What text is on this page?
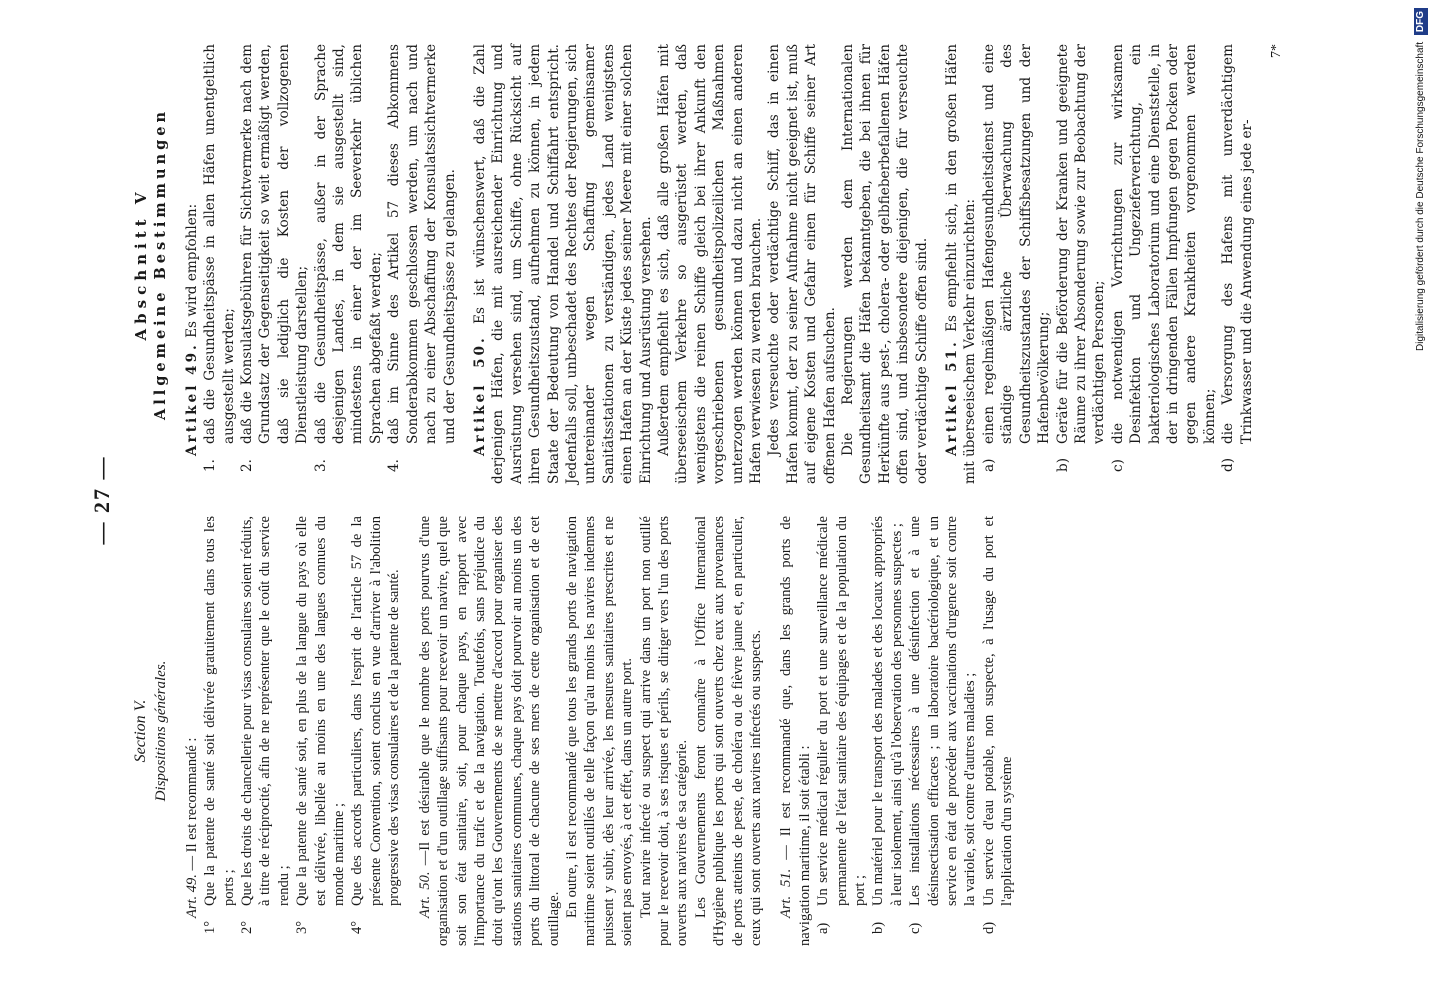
— 27 —

Section V. Dispositions générales.

Art. 49. — Il est recommandé :

1°
Que la patente de santé soit délivrée gratuitement dans tous les ports ;
2°
Que les droits de chancellerie pour visas consulaires soient réduits, à titre de réciprocité, afin de ne représenter que le coût du service rendu ;
3°
Que la patente de santé soit, en plus de la langue du pays où elle est délivrée, libellée au moins en une des langues connues du monde maritime ;
4°
Que des accords particuliers, dans l'esprit de l'article 57 de la présente Convention, soient conclus en vue d'arriver à l'abolition progressive des visas consulaires et de la patente de santé. Art. 50. —Il est désirable que le nombre des ports pourvus d'une organisation et d'un outillage suffisants pour recevoir un navire, quel que soit son état sanitaire, soit, pour chaque pays, en rapport avec l'importance du trafic et de la navigation. Toutefois, sans préjudice du droit qu'ont les Gouvernements de se mettre d'accord pour organiser des stations sanitaires communes, chaque pays doit pourvoir au moins un des ports du littoral de chacune de ses mers de cette organisation et de cet outillage.

En outre, il est recommandé que tous les grands ports de navigation maritime soient outillés de telle façon qu'au moins les navires indemnes puissent y subir, dès leur arrivée, les mesures sanitaires prescrites et ne soient pas envoyés, à cet effet, dans un autre port. Tout navire infecté ou suspect qui arrive dans un port non outillé pour le recevoir doit, à ses risques et périls, se diriger vers l'un des ports ouverts aux navires de sa catégorie. Les Gouvernements feront connaître à l'Office International d'Hygiène publique les ports qui sont ouverts chez eux aux provenances de ports atteints de peste, de choléra ou de fièvre jaune et, en particulier, ceux qui sont ouverts aux navires infectés ou suspects. Art. 51. — Il est recommandé que, dans les grands ports de navigation maritime, il soit établi : a)
Un service médical régulier du port et une surveillance médicale permanente de l'état sanitaire des équipages et de la population du port ;
b)
Un matériel pour le transport des malades et des locaux appropriés à leur isolement, ainsi qu'à l'observation des personnes suspectes ;
c)
Les installations nécessaires à une désinfection et à une désinsectisation efficaces ; un laboratoire bactériologique, et un service en état de procéder aux vaccinations d'urgence soit contre la variole, soit contre d'autres maladies ;
d)
Un service d'eau potable, non suspecte, à l'usage du port et l'application d'un système

Abschnitt V Allgemeine Bestimmungen Artikel 49. Es wird empfohlen:

1.
daß die Gesundheitspässe in allen Häfen unentgeltlich ausgestellt werden;
2.
daß die Konsulatsgebühren für Sichtvermerke nach dem Grundsatz der Gegenseitigkeit so weit ermäßigt werden, daß sie lediglich die Kosten der vollzogenen Dienstleistung darstellen;
3.
daß die Gesundheitspässe, außer in der Sprache desjenigen Landes, in dem sie ausgestellt sind, mindestens in einer der im Seeverkehr üblichen Sprachen abgefaßt werden;
4.
daß im Sinne des Artikel 57 dieses Abkommens Sonderabkommen geschlossen werden, um nach und nach zu einer Abschaffung der Konsulatssichtvermerke und der Gesundheitspässe zu gelangen. Artikel 50. Es ist wünschenswert, daß die Zahl derjenigen Häfen, die mit ausreichender Einrichtung und Ausrüstung versehen sind, um Schiffe, ohne Rücksicht auf ihren Gesundheitszustand, aufnehmen zu können, in jedem Staate der Bedeutung von Handel und Schiffahrt entspricht. Jedenfalls soll, unbeschadet des Rechtes der Regierungen, sich untereinander wegen Schaffung gemeinsamer Sanitätsstationen zu verständigen, jedes Land wenigstens einen Hafen an der Küste jedes seiner Meere mit einer solchen Einrichtung und Ausrüstung versehen. Außerdem empfiehlt es sich, daß alle großen Häfen mit überseeischem Verkehre so ausgerüstet werden, daß wenigstens die reinen Schiffe gleich bei ihrer Ankunft den vorgeschriebenen gesundheitspolizeilichen Maßnahmen unterzogen werden können und dazu nicht an einen anderen Hafen verwiesen zu werden brauchen. Jedes verseuchte oder verdächtige Schiff, das in einen Hafen kommt, der zu seiner Aufnahme nicht geeignet ist, muß auf eigene Kosten und Gefahr einen für Schiffe seiner Art offenen Hafen aufsuchen. Die Regierungen werden dem Internationalen Gesundheitsamt die Häfen bekanntgeben, die bei ihnen für Herkünfte aus pest-, cholera- oder gelbfieberbefallenen Häfen offen sind, und insbesondere diejenigen, die für verseuchte oder verdächtige Schiffe offen sind. Artikel 51. Es empfiehlt sich, in den großen Häfen mit überseeischem Verkehr einzurichten: a)
einen regelmäßigen Hafengesundheitsdienst und eine ständige ärztliche Überwachung des Gesundheitszustandes der Schiffsbesatzungen und der Hafenbevölkerung;
b)
Geräte für die Beförderung der Kranken und geeignete Räume zu ihrer Absonderung sowie zur Beobachtung der verdächtigen Personen;
c)
die notwendigen Vorrichtungen zur wirksamen Desinfektion und Ungezieferverichtung, ein bakteriologisches Laboratorium und eine Dienststelle, in der in dringenden Fällen Impfungen gegen Pocken oder gegen andere Krankheiten vorgenommen werden können;
d)
die Versorgung des Hafens mit unverdächtigem Trinkwasser und die Anwendung eines jede er-
7*	Digitalisierung gefördert durch die Deutsche Forschungsgemeinschaft DFG
